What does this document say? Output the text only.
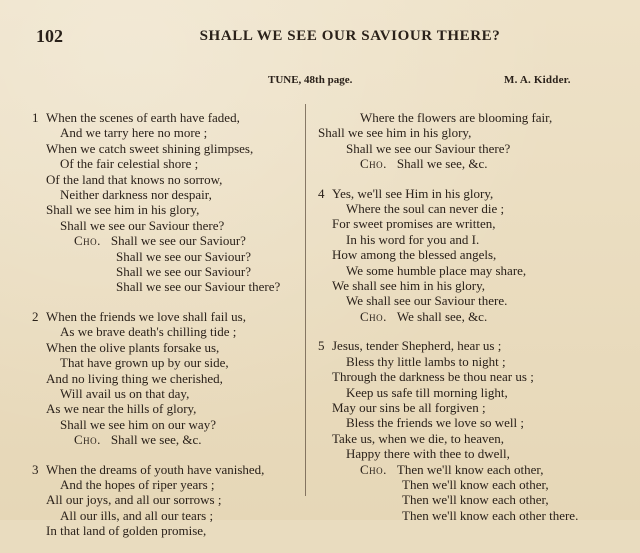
102	SHALL WE SEE OUR SAVIOUR THERE?
TUNE, 48th page.	M. A. Kidder.
1 When the scenes of earth have faded,
And we tarry here no more ;
When we catch sweet shining glimpses,
Of the fair celestial shore ;
Of the land that knows no sorrow,
Neither darkness nor despair,
Shall we see him in his glory,
Shall we see our Saviour there?
Cho. Shall we see our Saviour?
Shall we see our Saviour?
Shall we see our Saviour?
Shall we see our Saviour there?
2 When the friends we love shall fail us,
As we brave death's chilling tide ;
When the olive plants forsake us,
That have grown up by our side,
And no living thing we cherished,
Will avail us on that day,
As we near the hills of glory,
Shall we see him on our way?
Cho. Shall we see, &c.
3 When the dreams of youth have vanished,
And the hopes of riper years ;
All our joys, and all our sorrows ;
All our ills, and all our tears ;
In that land of golden promise,
Where the flowers are blooming fair,
Shall we see him in his glory,
Shall we see our Saviour there?
Cho. Shall we see, &c.
4 Yes, we'll see Him in his glory,
Where the soul can never die ;
For sweet promises are written,
In his word for you and I.
How among the blessed angels,
We some humble place may share,
We shall see him in his glory,
We shall see our Saviour there.
Cho. We shall see, &c.
5 Jesus, tender Shepherd, hear us ;
Bless thy little lambs to night ;
Through the darkness be thou near us ;
Keep us safe till morning light,
May our sins be all forgiven ;
Bless the friends we love so well ;
Take us, when we die, to heaven,
Happy there with thee to dwell,
Cho. Then we'll know each other,
Then we'll know each other,
Then we'll know each other,
Then we'll know each other there.
